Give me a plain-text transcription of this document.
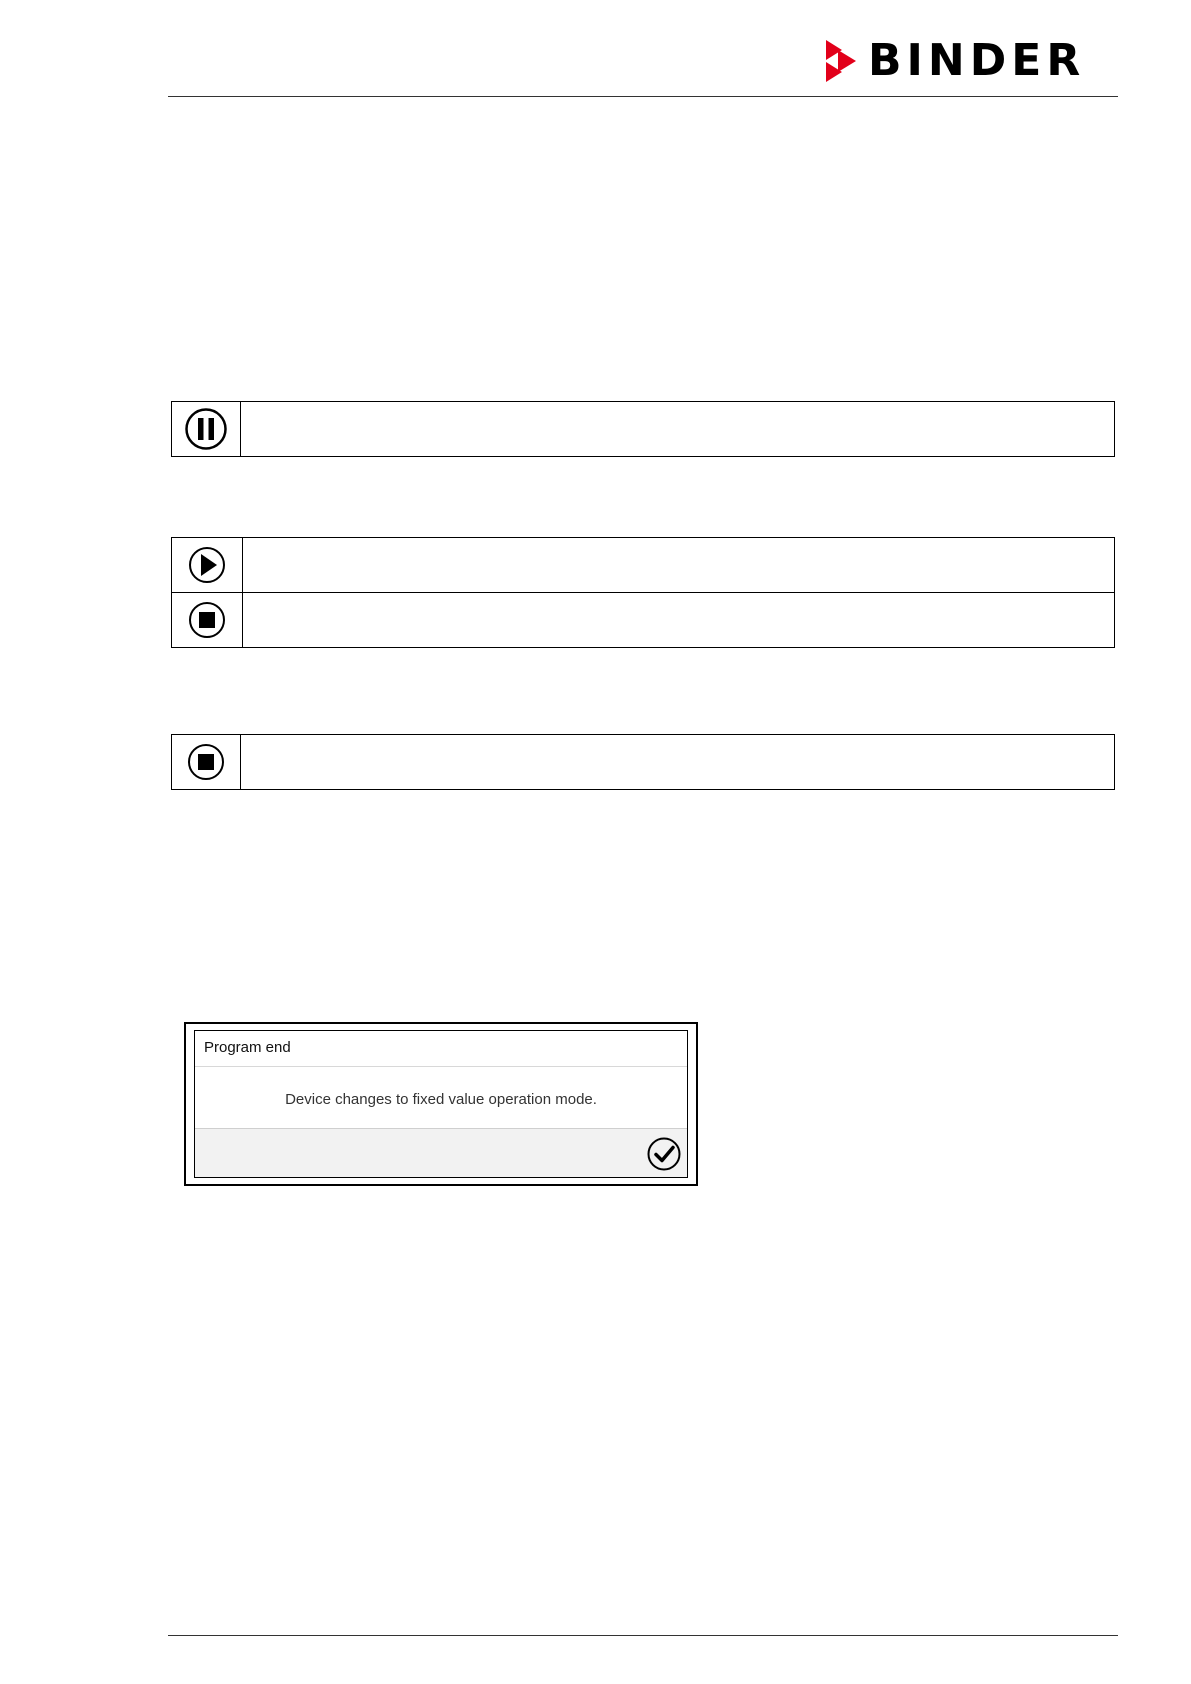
BINDER

Program end
Device changes to fixed value operation mode.
